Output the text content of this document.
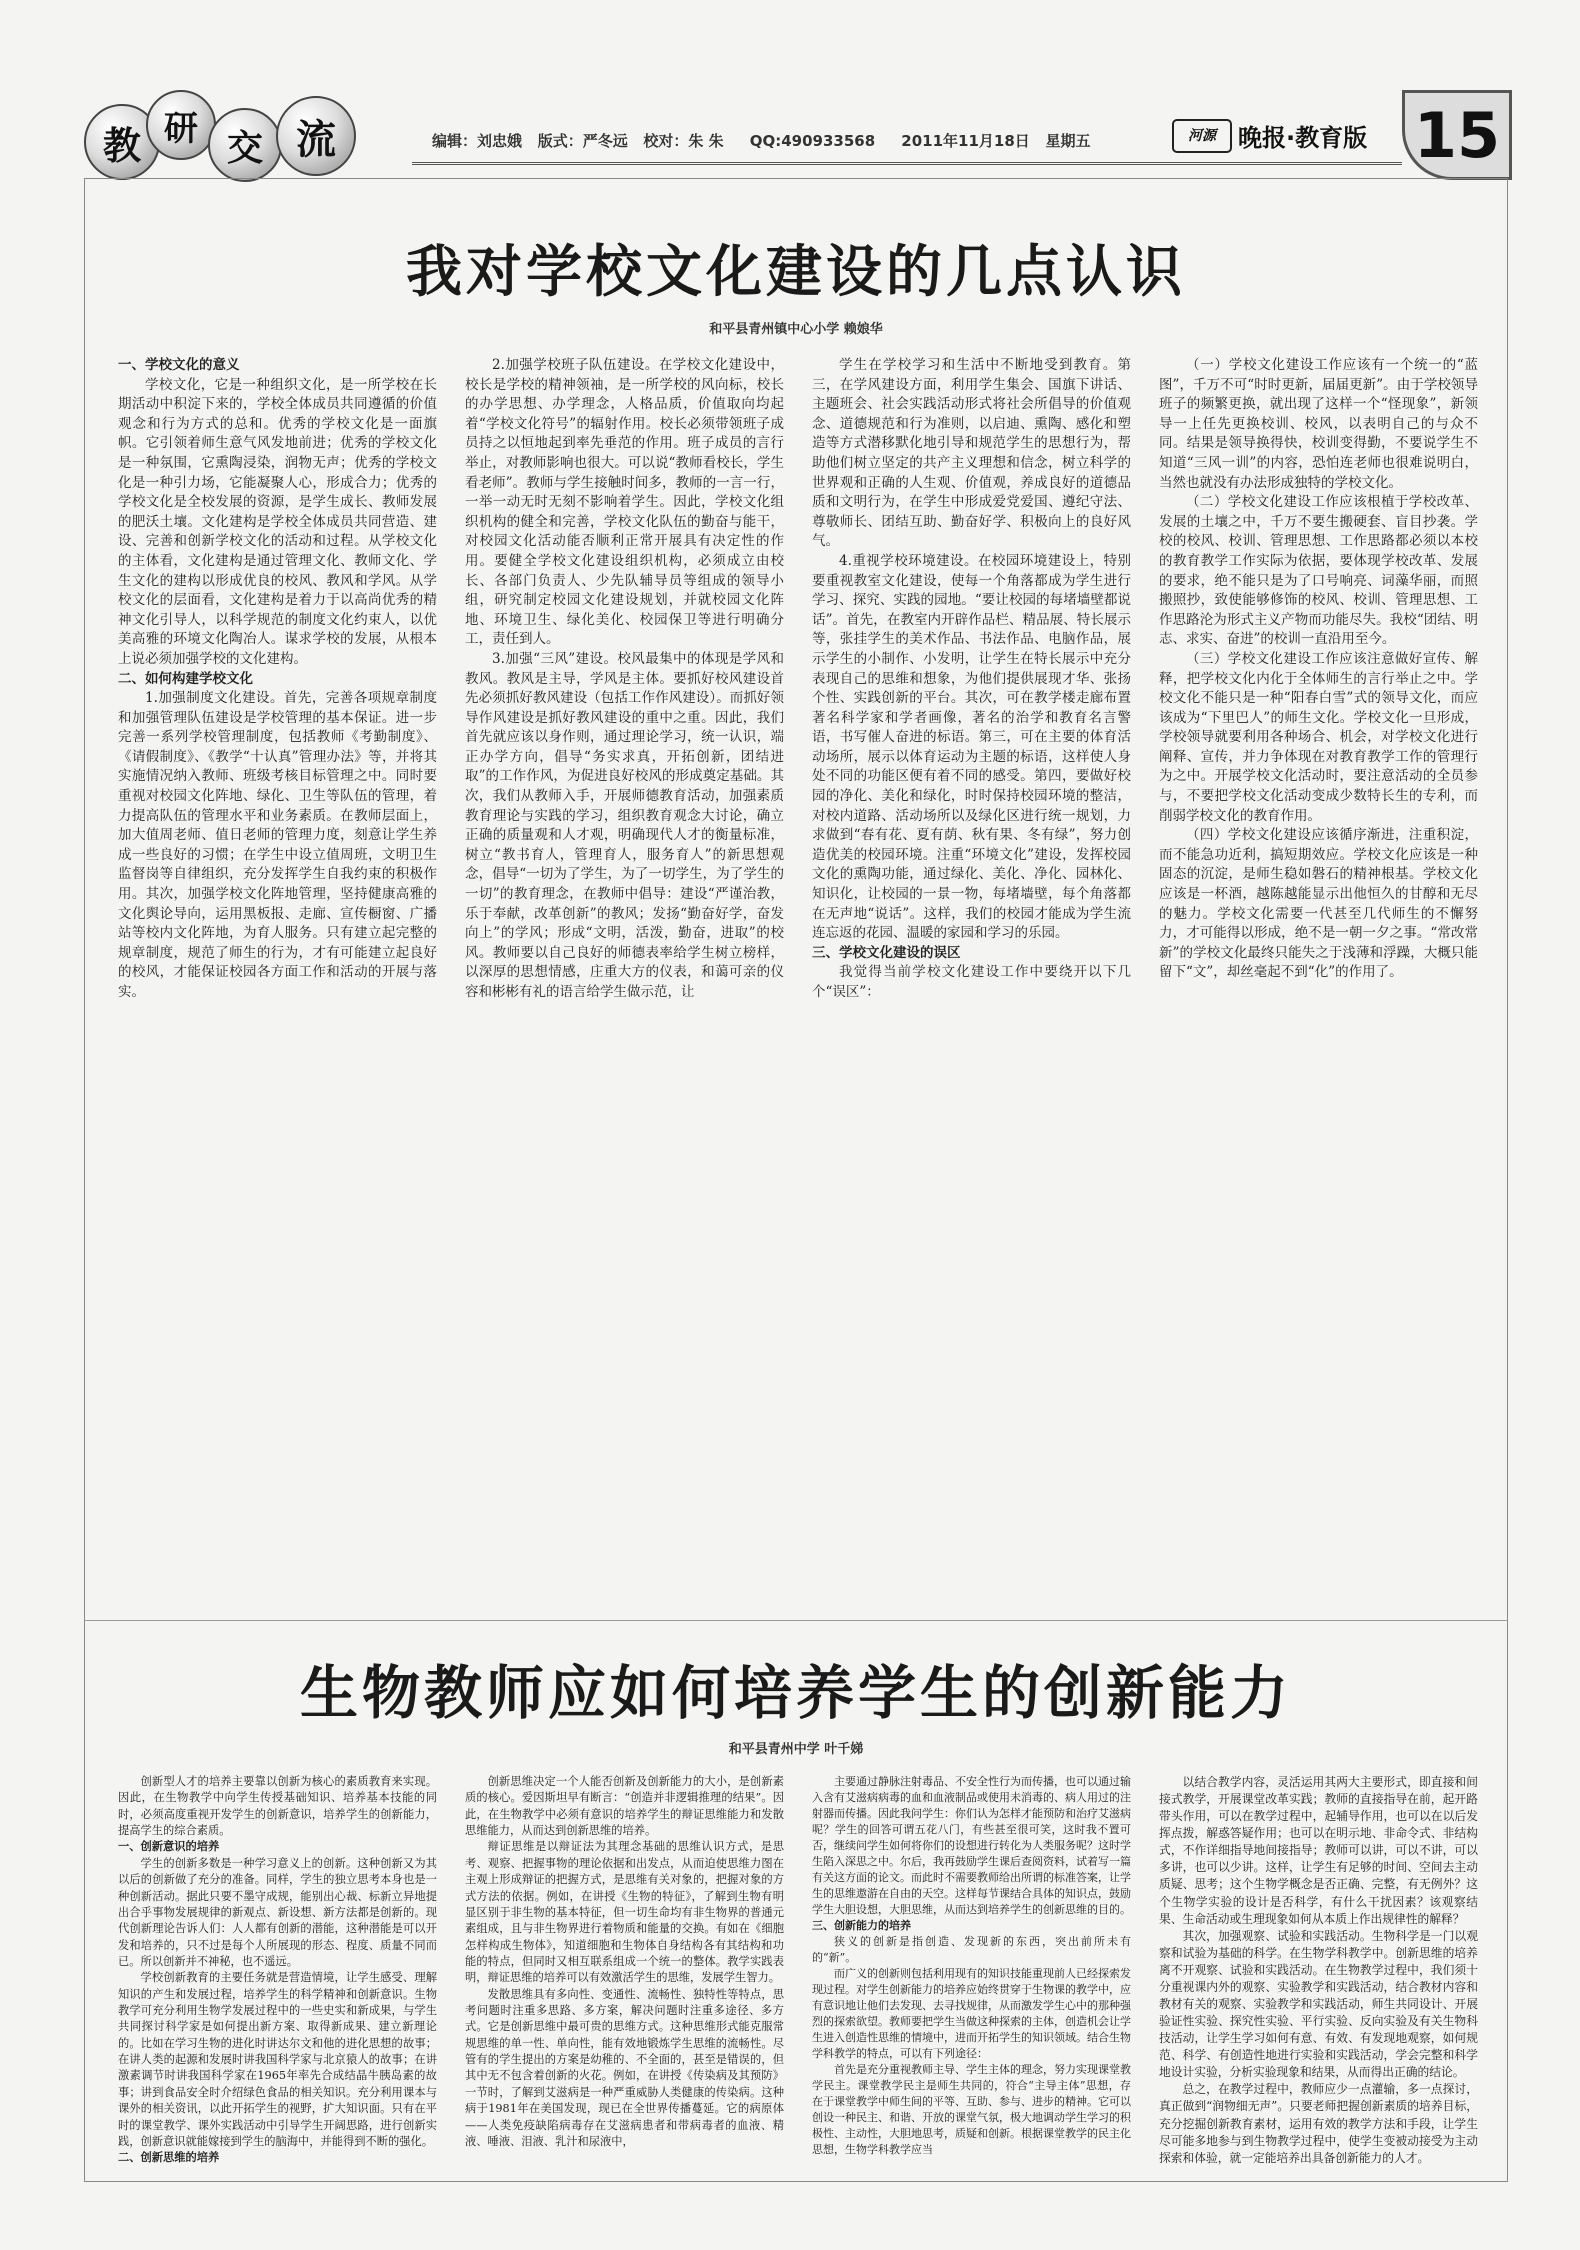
教 研 交 流	编辑：刘忠娥 版式：严冬远 校对：朱 朱 QQ:490933568 2011年11月18日 星期五	河源 晚报·教育版 15
我对学校文化建设的几点认识
和平县青州镇中心小学 赖娘华

一、学校文化的意义

学校文化，它是一种组织文化，是一所学校在长期活动中积淀下来的，学校全体成员共同遵循的价值观念和行为方式的总和。优秀的学校文化是一面旗帜。它引领着师生意气风发地前进；优秀的学校文化是一种氛围，它熏陶浸染，润物无声；优秀的学校文化是一种引力场，它能凝聚人心，形成合力；优秀的学校文化是全校发展的资源，是学生成长、教师发展的肥沃土壤。文化建构是学校全体成员共同营造、建设、完善和创新学校文化的活动和过程。从学校文化的主体看，文化建构是通过管理文化、教师文化、学生文化的建构以形成优良的校风、教风和学风。从学校文化的层面看，文化建构是着力于以高尚优秀的精神文化引导人，以科学规范的制度文化约束人，以优美高雅的环境文化陶冶人。谋求学校的发展，从根本上说必须加强学校的文化建构。

二、如何构建学校文化

1.加强制度文化建设。首先，完善各项规章制度和加强管理队伍建设是学校管理的基本保证。进一步完善一系列学校管理制度，包括教师《考勤制度》、《请假制度》、《教学“十认真”管理办法》等，并将其实施情况纳入教师、班级考核目标管理之中。同时要重视对校园文化阵地、绿化、卫生等队伍的管理，着力提高队伍的管理水平和业务素质。在教师层面上，加大值周老师、值日老师的管理力度，刻意让学生养成一些良好的习惯；在学生中设立值周班，文明卫生监督岗等自律组织，充分发挥学生自我约束的积极作用。其次，加强学校文化阵地管理，坚持健康高雅的文化舆论导向，运用黑板报、走廊、宣传橱窗、广播站等校内文化阵地，为育人服务。只有建立起完整的规章制度，规范了师生的行为，才有可能建立起良好的校风，才能保证校园各方面工作和活动的开展与落实。

2.加强学校班子队伍建设。在学校文化建设中，校长是学校的精神领袖，是一所学校的风向标，校长的办学思想、办学理念，人格品质，价值取向均起着“学校文化符号”的辐射作用。校长必须带领班子成员持之以恒地起到率先垂范的作用。班子成员的言行举止，对教师影响也很大。可以说“教师看校长，学生看老师”。教师与学生接触时间多，教师的一言一行，一举一动无时无刻不影响着学生。因此，学校文化组织机构的健全和完善，学校文化队伍的勤奋与能干，对校园文化活动能否顺利正常开展具有决定性的作用。要健全学校文化建设组织机构，必须成立由校长、各部门负责人、少先队辅导员等组成的领导小组，研究制定校园文化建设规划，并就校园文化阵地、环境卫生、绿化美化、校园保卫等进行明确分工，责任到人。

3.加强“三风”建设。校风最集中的体现是学风和教风。教风是主导，学风是主体。要抓好校风建设首先必须抓好教风建设（包括工作作风建设）。而抓好领导作风建设是抓好教风建设的重中之重。因此，我们首先就应该以身作则，通过理论学习，统一认识，端正办学方向，倡导“务实求真，开拓创新，团结进取”的工作作风，为促进良好校风的形成奠定基础。其次，我们从教师入手，开展师德教育活动，加强素质教育理论与实践的学习，组织教育观念大讨论，确立正确的质量观和人才观，明确现代人才的衡量标准，树立“教书育人，管理育人，服务育人”的新思想观念，倡导“一切为了学生，为了一切学生，为了学生的一切”的教育理念，在教师中倡导：建设“严谨治教，乐于奉献，改革创新”的教风；发扬“勤奋好学，奋发向上”的学风；形成“文明，活泼，勤奋，进取”的校风。教师要以自己良好的师德表率给学生树立榜样，以深厚的思想情感，庄重大方的仪表，和蔼可亲的仪容和彬彬有礼的语言给学生做示范，让

学生在学校学习和生活中不断地受到教育。第三，在学风建设方面，利用学生集会、国旗下讲话、主题班会、社会实践活动形式将社会所倡导的价值观念、道德规范和行为准则，以启迪、熏陶、感化和塑造等方式潜移默化地引导和规范学生的思想行为，帮助他们树立坚定的共产主义理想和信念，树立科学的世界观和正确的人生观、价值观，养成良好的道德品质和文明行为，在学生中形成爱党爱国、遵纪守法、尊敬师长、团结互助、勤奋好学、积极向上的良好风气。

4.重视学校环境建设。在校园环境建设上，特别要重视教室文化建设，使每一个角落都成为学生进行学习、探究、实践的园地。“要让校园的每堵墙壁都说话”。首先，在教室内开辟作品栏、精品展、特长展示等，张挂学生的美术作品、书法作品、电脑作品，展示学生的小制作、小发明，让学生在特长展示中充分表现自己的思维和想象，为他们提供展现才华、张扬个性、实践创新的平台。其次，可在教学楼走廊布置著名科学家和学者画像，著名的治学和教育名言警语，书写催人奋进的标语。第三，可在主要的体育活动场所，展示以体育运动为主题的标语，这样使人身处不同的功能区便有着不同的感受。第四，要做好校园的净化、美化和绿化，时时保持校园环境的整洁，对校内道路、活动场所以及绿化区进行统一规划，力求做到“春有花、夏有荫、秋有果、冬有绿”，努力创造优美的校园环境。注重“环境文化”建设，发挥校园文化的熏陶功能，通过绿化、美化、净化、园林化、知识化，让校园的一景一物，每堵墙壁，每个角落都在无声地“说话”。这样，我们的校园才能成为学生流连忘返的花园、温暖的家园和学习的乐园。

三、学校文化建设的误区

我觉得当前学校文化建设工作中要绕开以下几个“误区”：

（一）学校文化建设工作应该有一个统一的“蓝图”，千万不可“时时更新，届届更新”。由于学校领导班子的频繁更换，就出现了这样一个“怪现象”，新领导一上任先更换校训、校风，以表明自己的与众不同。结果是领导换得快，校训变得勤，不要说学生不知道“三风一训”的内容，恐怕连老师也很难说明白，当然也就没有办法形成独特的学校文化。

（二）学校文化建设工作应该根植于学校改革、发展的土壤之中，千万不要生搬硬套、盲目抄袭。学校的校风、校训、管理思想、工作思路都必须以本校的教育教学工作实际为依据，要体现学校改革、发展的要求，绝不能只是为了口号响亮、词藻华丽，而照搬照抄，致使能够修饰的校风、校训、管理思想、工作思路沦为形式主义产物而功能尽失。我校“团结、明志、求实、奋进”的校训一直沿用至今。

（三）学校文化建设工作应该注意做好宣传、解释，把学校文化内化于全体师生的言行举止之中。学校文化不能只是一种“阳春白雪”式的领导文化，而应该成为“下里巴人”的师生文化。学校文化一旦形成，学校领导就要利用各种场合、机会，对学校文化进行阐释、宣传，并力争体现在对教育教学工作的管理行为之中。开展学校文化活动时，要注意活动的全员参与，不要把学校文化活动变成少数特长生的专利，而削弱学校文化的教育作用。

（四）学校文化建设应该循序渐进，注重积淀，而不能急功近利，搞短期效应。学校文化应该是一种固态的沉淀，是师生稳如磐石的精神根基。学校文化应该是一杯酒，越陈越能显示出他恒久的甘醇和无尽的魅力。学校文化需要一代甚至几代师生的不懈努力，才可能得以形成，绝不是一朝一夕之事。“常改常新”的学校文化最终只能失之于浅薄和浮躁，大概只能留下“文”，却丝毫起不到“化”的作用了。

生物教师应如何培养学生的创新能力
和平县青州中学 叶千娣

创新型人才的培养主要靠以创新为核心的素质教育来实现。因此，在生物教学中向学生传授基础知识、培养基本技能的同时，必须高度重视开发学生的创新意识，培养学生的创新能力，提高学生的综合素质。

一、创新意识的培养

学生的创新多数是一种学习意义上的创新。这种创新又为其以后的创新做了充分的准备。同样，学生的独立思考本身也是一种创新活动。据此只要不墨守成规，能别出心裁、标新立异地提出合乎事物发展规律的新观点、新设想、新方法都是创新的。现代创新理论告诉人们：人人都有创新的潜能，这种潜能是可以开发和培养的，只不过是每个人所展现的形态、程度、质量不同而已。所以创新并不神秘，也不遥远。

学校创新教育的主要任务就是营造情境，让学生感受、理解知识的产生和发展过程，培养学生的科学精神和创新意识。生物教学可充分利用生物学发展过程中的一些史实和新成果，与学生共同探讨科学家是如何提出新方案、取得新成果、建立新理论的。比如在学习生物的进化时讲达尔文和他的进化思想的故事；在讲人类的起源和发展时讲我国科学家与北京猿人的故事；在讲激素调节时讲我国科学家在1965年率先合成结晶牛胰岛素的故事；讲到食品安全时介绍绿色食品的相关知识。充分利用课本与课外的相关资讯，以此开拓学生的视野，扩大知识面。只有在平时的课堂教学、课外实践活动中引导学生开阔思路，进行创新实践，创新意识就能嫁接到学生的脑海中，并能得到不断的强化。

二、创新思维的培养

创新思维决定一个人能否创新及创新能力的大小，是创新素质的核心。爱因斯坦早有断言：“创造并非逻辑推理的结果”。因此，在生物教学中必须有意识的培养学生的辩证思维能力和发散思维能力，从而达到创新思维的培养。

辩证思维是以辩证法为其理念基础的思维认识方式，是思考、观察、把握事物的理论依据和出发点，从而迫使思维力图在主观上形成辩证的把握方式，是思维有关对象的，把握对象的方式方法的依据。例如，在讲授《生物的特征》，了解到生物有明显区别于非生物的基本特征，但一切生命均有非生物界的普通元素组成，且与非生物界进行着物质和能量的交换。有如在《细胞怎样构成生物体》，知道细胞和生物体自身结构各有其结构和功能的特点，但同时又相互联系组成一个统一的整体。教学实践表明，辩证思维的培养可以有效激活学生的思维，发展学生智力。

发散思维具有多向性、变通性、流畅性、独特性等特点，思考问题时注重多思路、多方案，解决问题时注重多途径、多方式。它是创新思维中最可贵的思维方式。这种思维形式能克服常规思维的单一性、单向性，能有效地锻炼学生思维的流畅性。尽管有的学生提出的方案是幼稚的、不全面的，甚至是错误的，但其中无不包含着创新的火花。例如，在讲授《传染病及其预防》一节时，了解到艾滋病是一种严重威胁人类健康的传染病。这种病于1981年在美国发现，现已在全世界传播蔓延。它的病原体——人类免疫缺陷病毒存在艾滋病患者和带病毒者的血液、精液、唾液、泪液、乳汁和尿液中，

主要通过静脉注射毒品、不安全性行为而传播，也可以通过输入含有艾滋病病毒的血和血液制品或使用未消毒的、病人用过的注射器而传播。因此我问学生：你们认为怎样才能预防和治疗艾滋病呢？学生的回答可谓五花八门，有些甚至很可笑，这时我不置可否，继续问学生如何将你们的设想进行转化为人类服务呢？这时学生陷入深思之中。尔后，我再鼓励学生课后查阅资料，试着写一篇有关这方面的论文。而此时不需要教师给出所谓的标准答案，让学生的思维遨游在自由的天空。这样每节课结合具体的知识点，鼓励学生大胆设想，大胆思维，从而达到培养学生的创新思维的目的。

三、创新能力的培养

狭义的创新是指创造、发现新的东西，突出前所未有的“新”。

而广义的创新则包括利用现有的知识技能重现前人已经探索发现过程。对学生创新能力的培养应始终贯穿于生物课的教学中，应有意识地让他们去发现、去寻找规律，从而激发学生心中的那种强烈的探索欲望。教师要把学生当做这种探索的主体，创造机会让学生进入创造性思维的情境中，进而开拓学生的知识领域。结合生物学科教学的特点，可以有下列途径：

首先是充分重视教师主导、学生主体的理念，努力实现课堂教学民主。课堂教学民主是师生共同的，符合“主导主体”思想，存在于课堂教学中师生间的平等、互助、参与、进步的精神。它可以创设一种民主、和谐、开放的课堂气氛，极大地调动学生学习的积极性、主动性，大胆地思考，质疑和创新。根据课堂教学的民主化思想，生物学科教学应当

以结合教学内容，灵活运用其两大主要形式，即直接和间接式教学，开展课堂改革实践；教师的直接指导在前，起开路带头作用，可以在教学过程中，起辅导作用，也可以在以后发挥点拨，解惑答疑作用；也可以在明示地、非命令式、非结构式，不作详细指导地间接指导；教师可以讲，可以不讲，可以多讲，也可以少讲。这样，让学生有足够的时间、空间去主动质疑、思考；这个生物学概念是否正确、完整，有无例外？这个生物学实验的设计是否科学，有什么干扰因素？该观察结果、生命活动或生理现象如何从本质上作出规律性的解释？

其次，加强观察、试验和实践活动。生物科学是一门以观察和试验为基础的科学。在生物学科教学中。创新思维的培养离不开观察、试验和实践活动。在生物教学过程中，我们须十分重视课内外的观察、实验教学和实践活动，结合教材内容和教材有关的观察、实验教学和实践活动，师生共同设计、开展验证性实验、探究性实验、平行实验、反向实验及有关生物科技活动，让学生学习如何有意、有效、有发现地观察，如何规范、科学、有创造性地进行实验和实践活动，学会完整和科学地设计实验，分析实验现象和结果，从而得出正确的结论。

总之，在教学过程中，教师应少一点灌输，多一点探讨，真正做到“润物细无声”。只要老师把握创新素质的培养目标，充分挖掘创新教育素材，运用有效的教学方法和手段，让学生尽可能多地参与到生物教学过程中，使学生变被动接受为主动探索和体验，就一定能培养出具备创新能力的人才。
